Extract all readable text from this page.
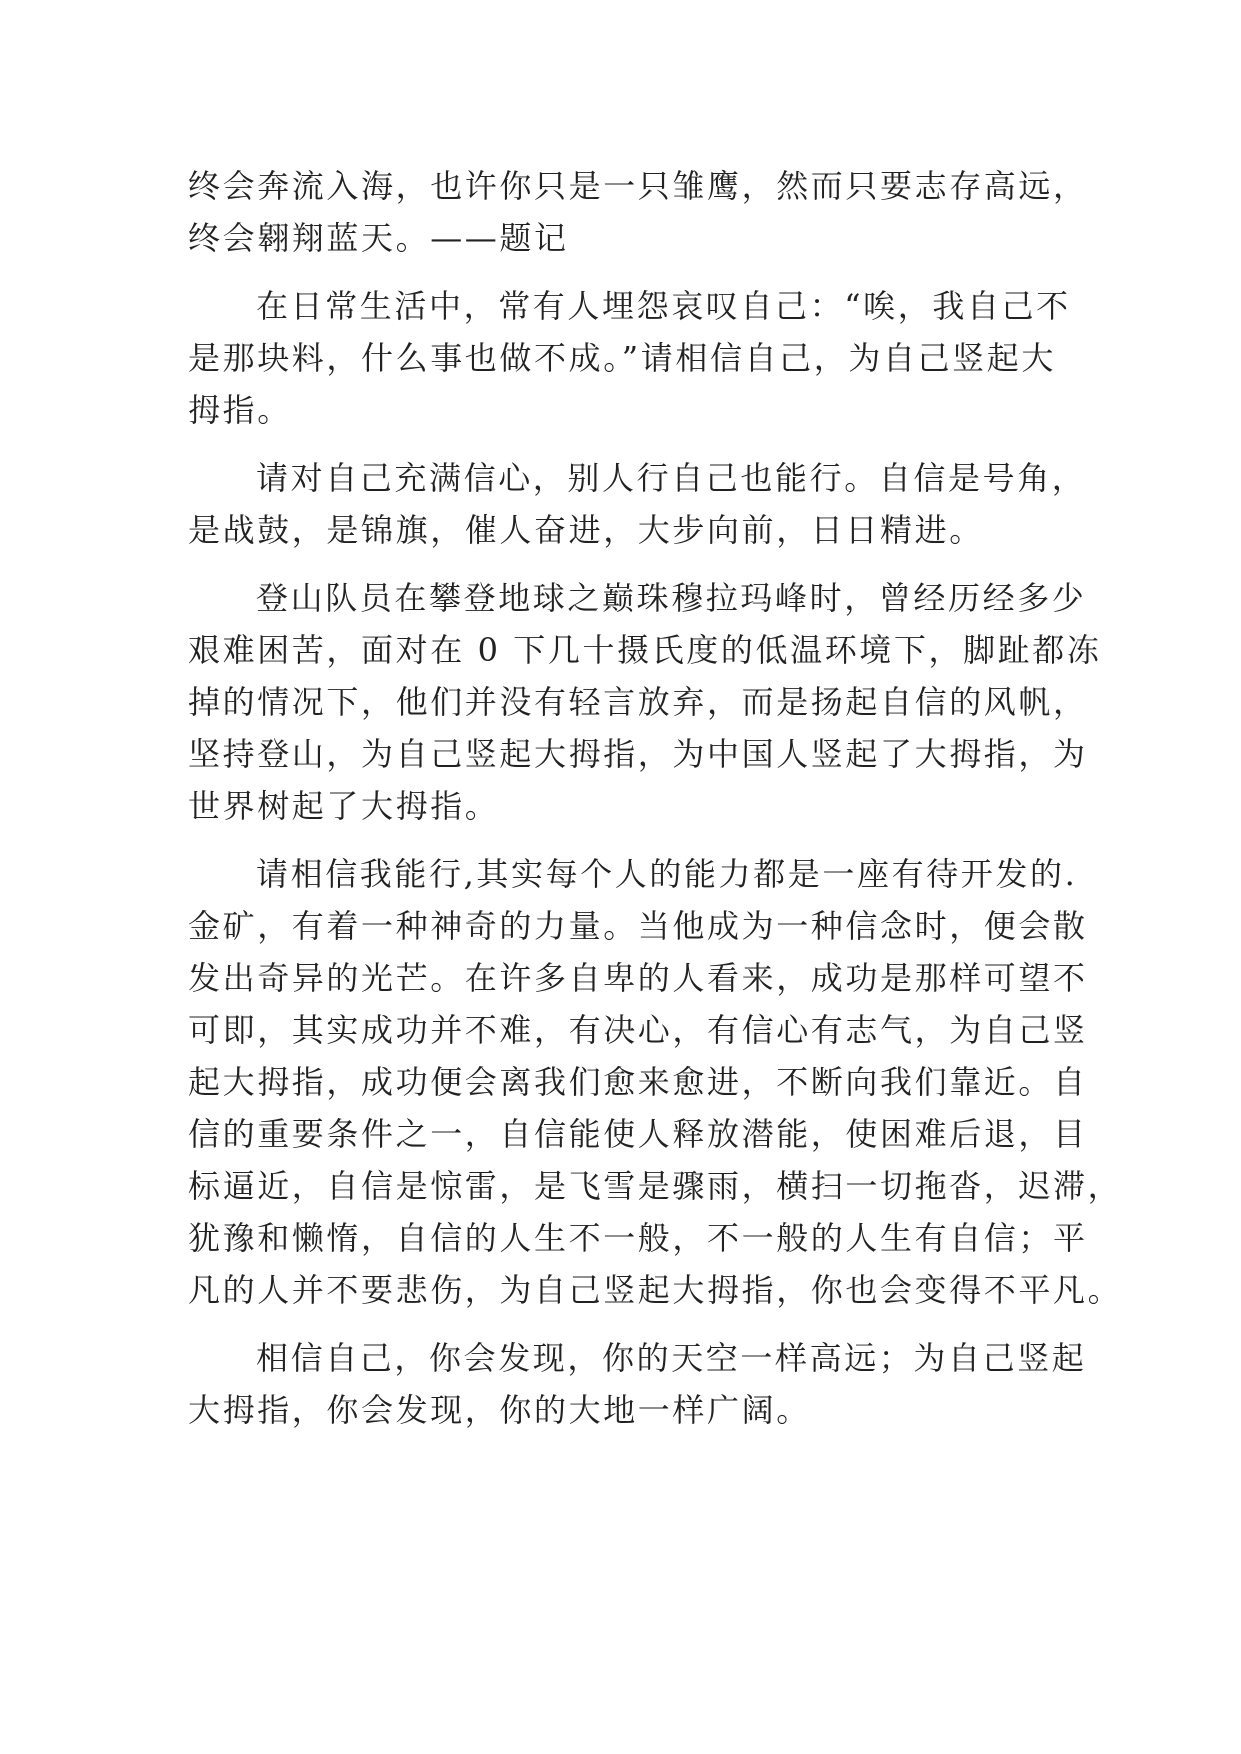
终会奔流入海，也许你只是一只雏鹰，然而只要志存高远，
终会翱翔蓝天。——题记
在日常生活中，常有人埋怨哀叹自己：“唉，我自己不
是那块料，什么事也做不成。”请相信自己，为自己竖起大
拇指。
请对自己充满信心，别人行自己也能行。自信是号角，
是战鼓，是锦旗，催人奋进，大步向前，日日精进。
登山队员在攀登地球之巅珠穆拉玛峰时，曾经历经多少
艰难困苦，面对在 0 下几十摄氏度的低温环境下，脚趾都冻
掉的情况下，他们并没有轻言放弃，而是扬起自信的风帆，
坚持登山，为自己竖起大拇指，为中国人竖起了大拇指，为
世界树起了大拇指。
请相信我能行,其实每个人的能力都是一座有待开发的.
金矿，有着一种神奇的力量。当他成为一种信念时，便会散
发出奇异的光芒。在许多自卑的人看来，成功是那样可望不
可即，其实成功并不难，有决心，有信心有志气，为自己竖
起大拇指，成功便会离我们愈来愈进，不断向我们靠近。自
信的重要条件之一，自信能使人释放潜能，使困难后退，目
标逼近，自信是惊雷，是飞雪是骤雨，横扫一切拖沓，迟滞，
犹豫和懒惰，自信的人生不一般，不一般的人生有自信；平
凡的人并不要悲伤，为自己竖起大拇指，你也会变得不平凡。
相信自己，你会发现，你的天空一样高远；为自己竖起
大拇指，你会发现，你的大地一样广阔。
